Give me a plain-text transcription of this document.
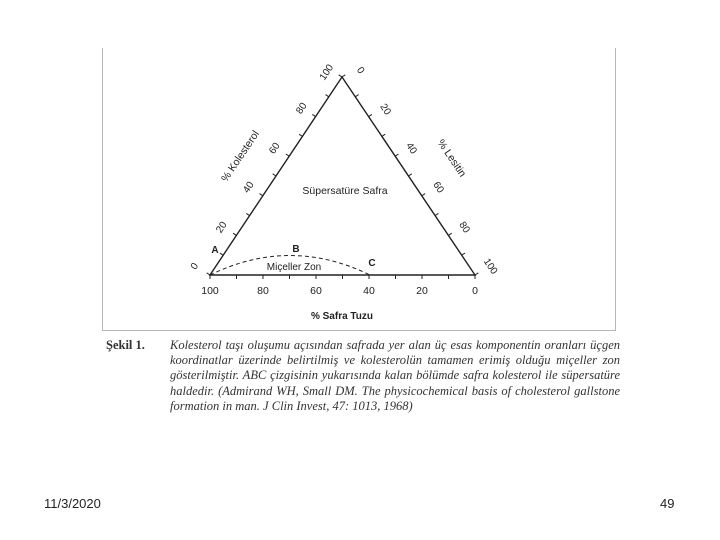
0
20
40
60
80
100
% Kolesterol
0
20
40
60
80
100
% Lesitin
100	80	60	40	20	0
% Safra Tuzu
Süpersatüre Safra
Miçeller Zon
A	B
C
Şekil 1. Kolesterol taşı oluşumu açısından safrada yer alan üç esas komponentin oranları üçgen koordinatlar üzerinde belirtilmiş ve kolesterolün tamamen erimiş olduğu miçeller zon gösterilmiştir. ABC çizgisinin yukarısında kalan bölümde safra kolesterol ile süpersatüre haldedir. (Admirand WH, Small DM. The physicochemical basis of cholesterol gallstone formation in man. J Clin Invest, 47: 1013, 1968)
11/3/2020	49
